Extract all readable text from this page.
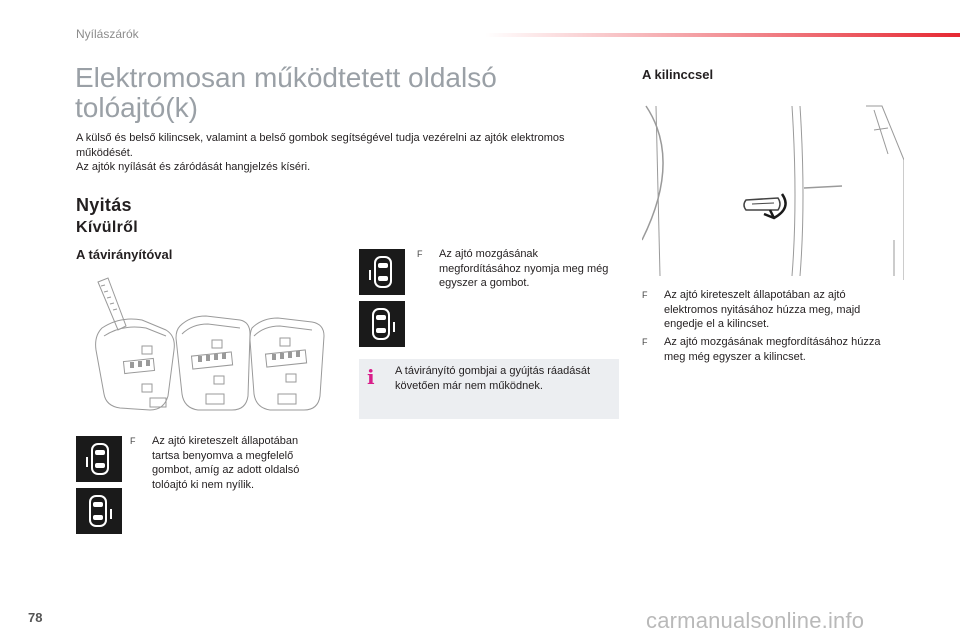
Nyílászárók
Elektromosan működtetett oldalsó tolóajtó(k)

A külső és belső kilincsek, valamint a belső gombok segítségével tudja vezérelni az ajtók elektromos működését.

Az ajtók nyílását és záródását hangjelzés kíséri.

Nyitás
Kívülről
A távirányítóval
A kilinccsel
F Az ajtó kireteszelt állapotában tartsa benyomva a megfelelő gombot, amíg az adott oldalsó tolóajtó ki nem nyílik.
F Az ajtó mozgásának megfordításához nyomja meg még egyszer a gombot.
i A távirányító gombjai a gyújtás ráadását követően már nem működnek.
F Az ajtó kireteszelt állapotában az ajtó elektromos nyitásához húzza meg, majd engedje el a kilincset.
F Az ajtó mozgásának megfordításához húzza meg még egyszer a kilincset.
78	carmanualsonline.info
